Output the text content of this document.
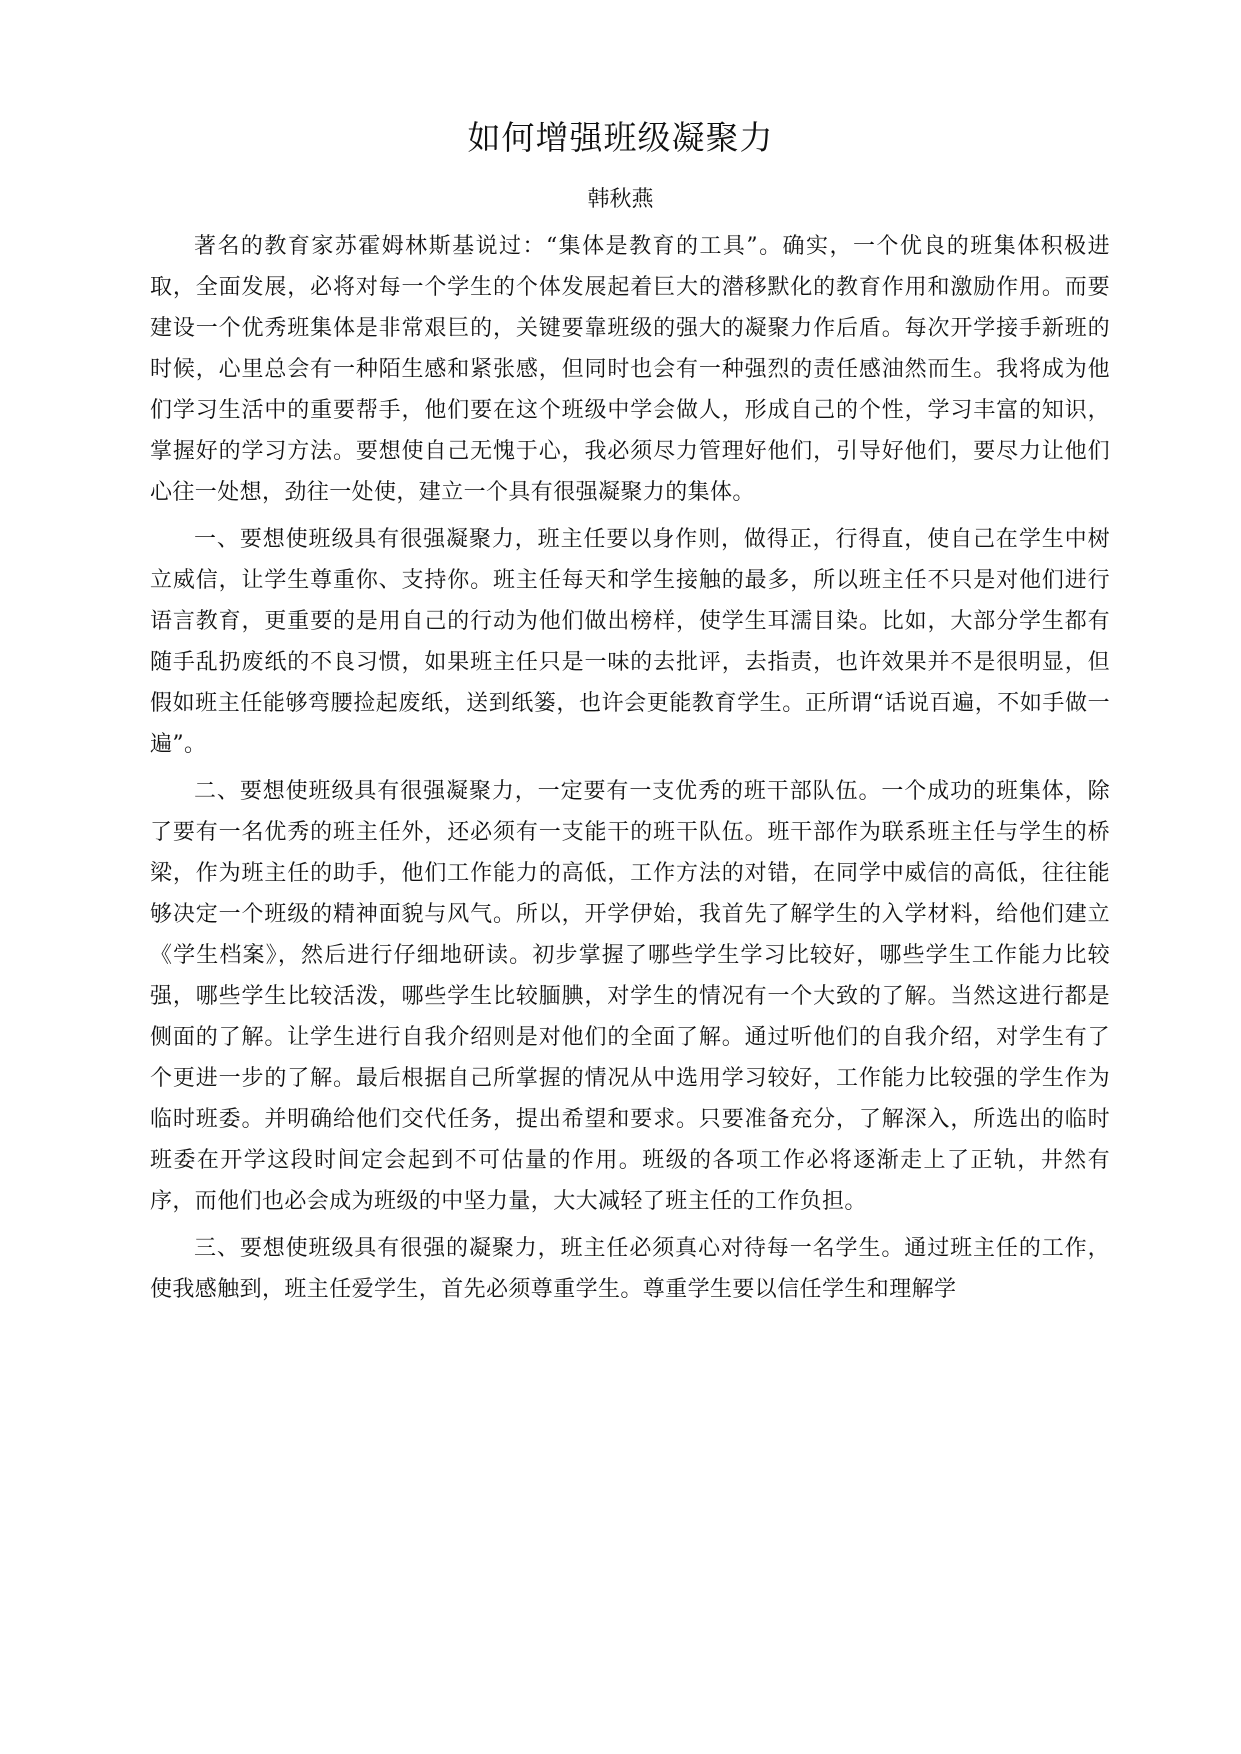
如何增强班级凝聚力
韩秋燕

著名的教育家苏霍姆林斯基说过：“集体是教育的工具”。确实，一个优良的班集体积极进取，全面发展，必将对每一个学生的个体发展起着巨大的潜移默化的教育作用和激励作用。而要建设一个优秀班集体是非常艰巨的，关键要靠班级的强大的凝聚力作后盾。每次开学接手新班的时候，心里总会有一种陌生感和紧张感，但同时也会有一种强烈的责任感油然而生。我将成为他们学习生活中的重要帮手，他们要在这个班级中学会做人，形成自己的个性，学习丰富的知识，掌握好的学习方法。要想使自己无愧于心，我必须尽力管理好他们，引导好他们，要尽力让他们心往一处想，劲往一处使，建立一个具有很强凝聚力的集体。

一、要想使班级具有很强凝聚力，班主任要以身作则，做得正，行得直，使自己在学生中树立威信，让学生尊重你、支持你。班主任每天和学生接触的最多，所以班主任不只是对他们进行语言教育，更重要的是用自己的行动为他们做出榜样，使学生耳濡目染。比如，大部分学生都有随手乱扔废纸的不良习惯，如果班主任只是一味的去批评，去指责，也许效果并不是很明显，但假如班主任能够弯腰捡起废纸，送到纸篓，也许会更能教育学生。正所谓“话说百遍，不如手做一遍”。

二、要想使班级具有很强凝聚力，一定要有一支优秀的班干部队伍。一个成功的班集体，除了要有一名优秀的班主任外，还必须有一支能干的班干队伍。班干部作为联系班主任与学生的桥梁，作为班主任的助手，他们工作能力的高低，工作方法的对错，在同学中威信的高低，往往能够决定一个班级的精神面貌与风气。所以，开学伊始，我首先了解学生的入学材料，给他们建立《学生档案》，然后进行仔细地研读。初步掌握了哪些学生学习比较好，哪些学生工作能力比较强，哪些学生比较活泼，哪些学生比较腼腆，对学生的情况有一个大致的了解。当然这进行都是侧面的了解。让学生进行自我介绍则是对他们的全面了解。通过听他们的自我介绍，对学生有了个更进一步的了解。最后根据自己所掌握的情况从中选用学习较好，工作能力比较强的学生作为临时班委。并明确给他们交代任务，提出希望和要求。只要准备充分，了解深入，所选出的临时班委在开学这段时间定会起到不可估量的作用。班级的各项工作必将逐渐走上了正轨，井然有序，而他们也必会成为班级的中坚力量，大大减轻了班主任的工作负担。

三、要想使班级具有很强的凝聚力，班主任必须真心对待每一名学生。通过班主任的工作，使我感触到，班主任爱学生，首先必须尊重学生。尊重学生要以信任学生和理解学
